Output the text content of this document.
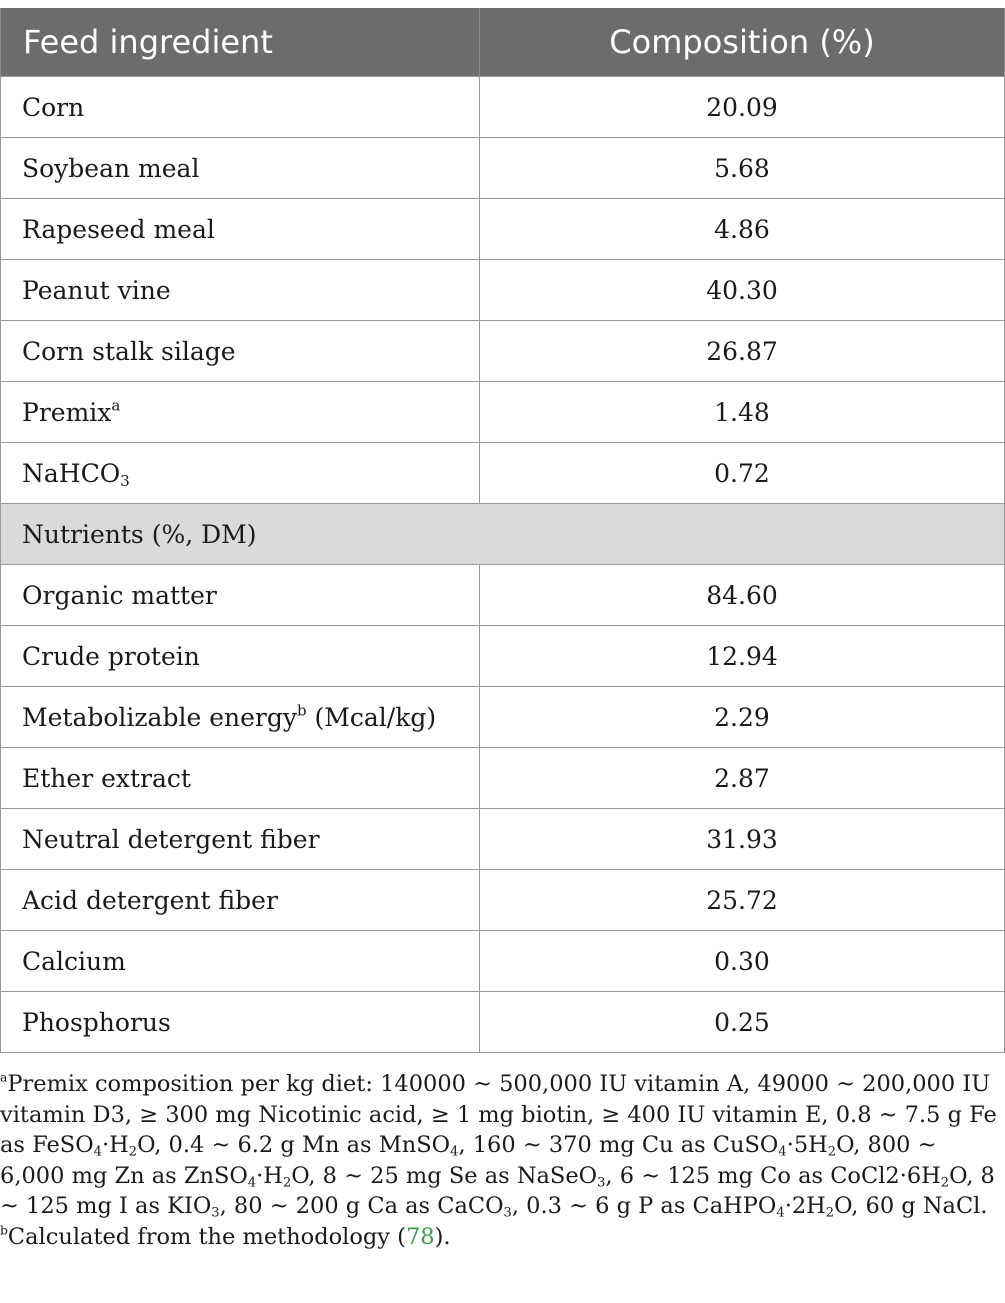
Feed ingredient	Composition (%)
Corn	20.09
Soybean meal	5.68
Rapeseed meal	4.86
Peanut vine	40.30
Corn stalk silage	26.87
Premix$^a$	1.48
NaHCO$_3$	0.72
Nutrients (%, DM)	
Organic matter	84.60
Crude protein	12.94
Metabolizable energy$^b$ (Mcal/kg)	2.29
Ether extract	2.87
Neutral detergent fiber	31.93
Acid detergent fiber	25.72
Calcium	0.30
Phosphorus	0.25

$^a$Premix composition per kg diet: 140000 ~ 500,000 IU vitamin A, 49000 ~ 200,000 IU vitamin D3, ≥ 300 mg Nicotinic acid, ≥ 1 mg biotin, ≥ 400 IU vitamin E, 0.8 ~ 7.5 g Fe as $FeSO_4\cdot H_2O$, 0.4 ~ 6.2 g Mn as MnSO$_4$, 160 ~ 370 mg Cu as $CuSO_4\cdot 5H_2O$, 800 ~ 6,000 mg Zn as $ZnSO_4\cdot H_2O$, 8 ~ 25 mg Se as NaSeO$_3$, 6 ~ 125 mg Co as $CoCl2\cdot 6H_2O$, 8 ~ 125 mg I as $KIO_3$, 80 ~ 200 g Ca as CaCO$_3$, 0.3 ~ 6 g P as $CaHPO_4\cdot 2H_2O$, 60 g NaCl.

$^b$Calculated from the methodology (78).
